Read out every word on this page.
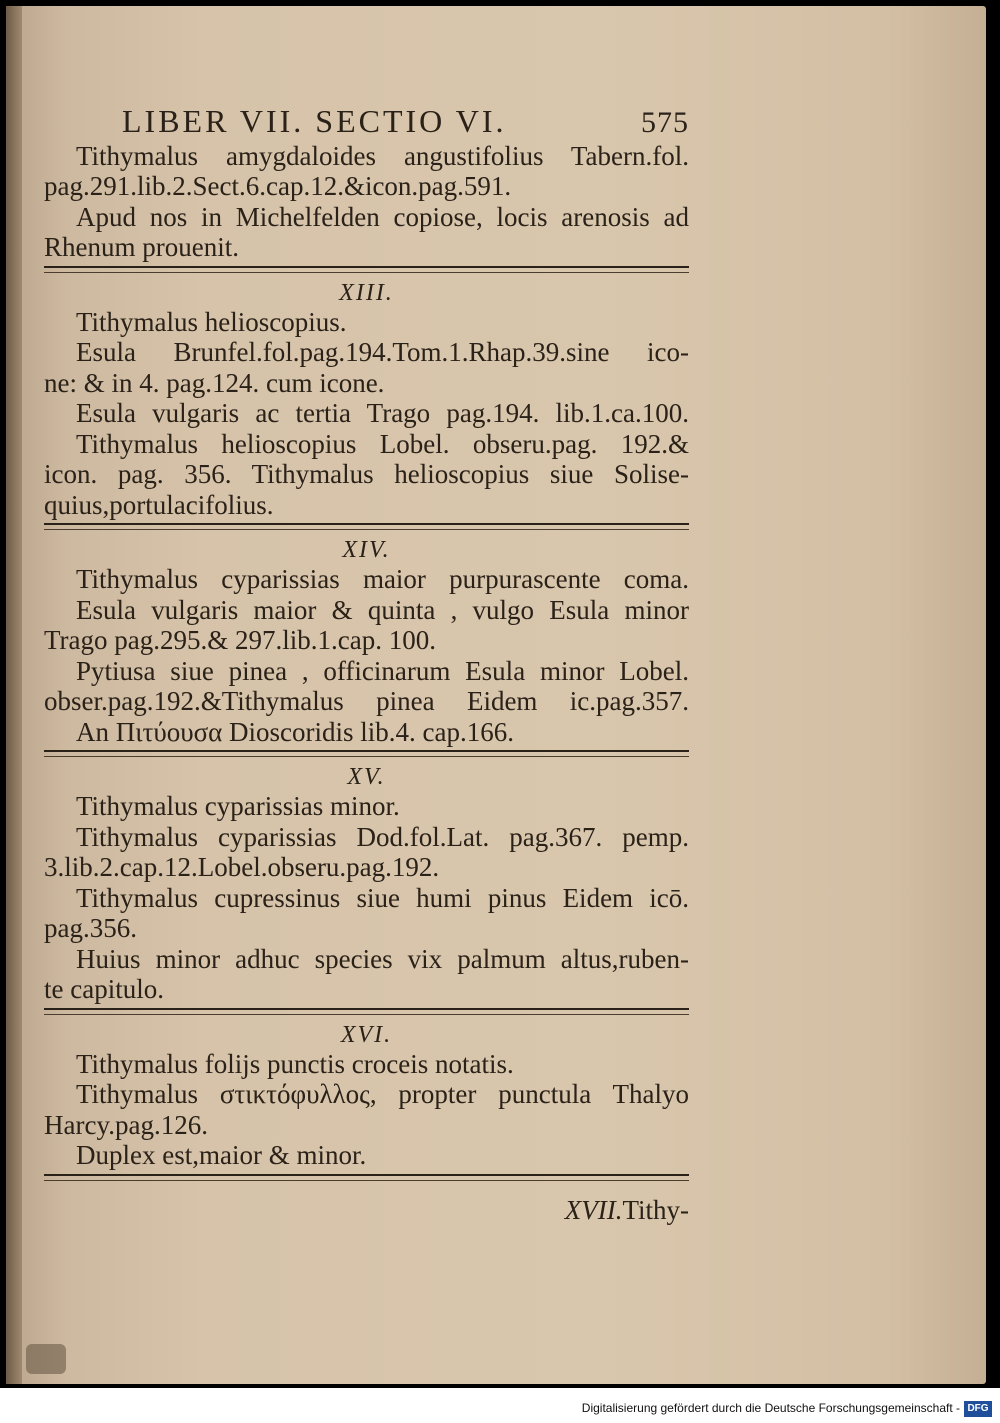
LIBER VII. SECTIO VI.	575
Tithymalus amygdaloides angustifolius Tabern.fol.
pag.291.lib.2.Sect.6.cap.12.&icon.pag.591.
Apud nos in Michelfelden copiose, locis arenosis ad
Rhenum prouenit.
XIII.
Tithymalus helioscopius.
Esula Brunfel.fol.pag.194.Tom.1.Rhap.39.sine ico-
ne: & in 4. pag.124. cum icone.
Esula vulgaris ac tertia Trago pag.194. lib.1.ca.100.
Tithymalus helioscopius Lobel. obseru.pag. 192.&
icon. pag. 356. Tithymalus helioscopius siue Solise-
quius,portulacifolius.
XIV.
Tithymalus cyparissias maior purpurascente coma.
Esula vulgaris maior & quinta , vulgo Esula minor
Trago pag.295.& 297.lib.1.cap. 100.
Pytiusa siue pinea , officinarum Esula minor Lobel.
obser.pag.192.&Tithymalus pinea Eidem ic.pag.357.
An Πιτύουσα Dioscoridis lib.4. cap.166.
XV.
Tithymalus cyparissias minor.
Tithymalus cyparissias Dod.fol.Lat. pag.367. pemp.
3.lib.2.cap.12.Lobel.obseru.pag.192.
Tithymalus cupressinus siue humi pinus Eidem icō.
pag.356.
Huius minor adhuc species vix palmum altus,ruben-
te capitulo.
XVI.
Tithymalus folijs punctis croceis notatis.
Tithymalus στικτόφυλλος, propter punctula Thalyo
Harcy.pag.126.
Duplex est,maior & minor.
XVII.Tithy-
Digitalisierung gefördert durch die Deutsche Forschungsgemeinschaft - DFG
